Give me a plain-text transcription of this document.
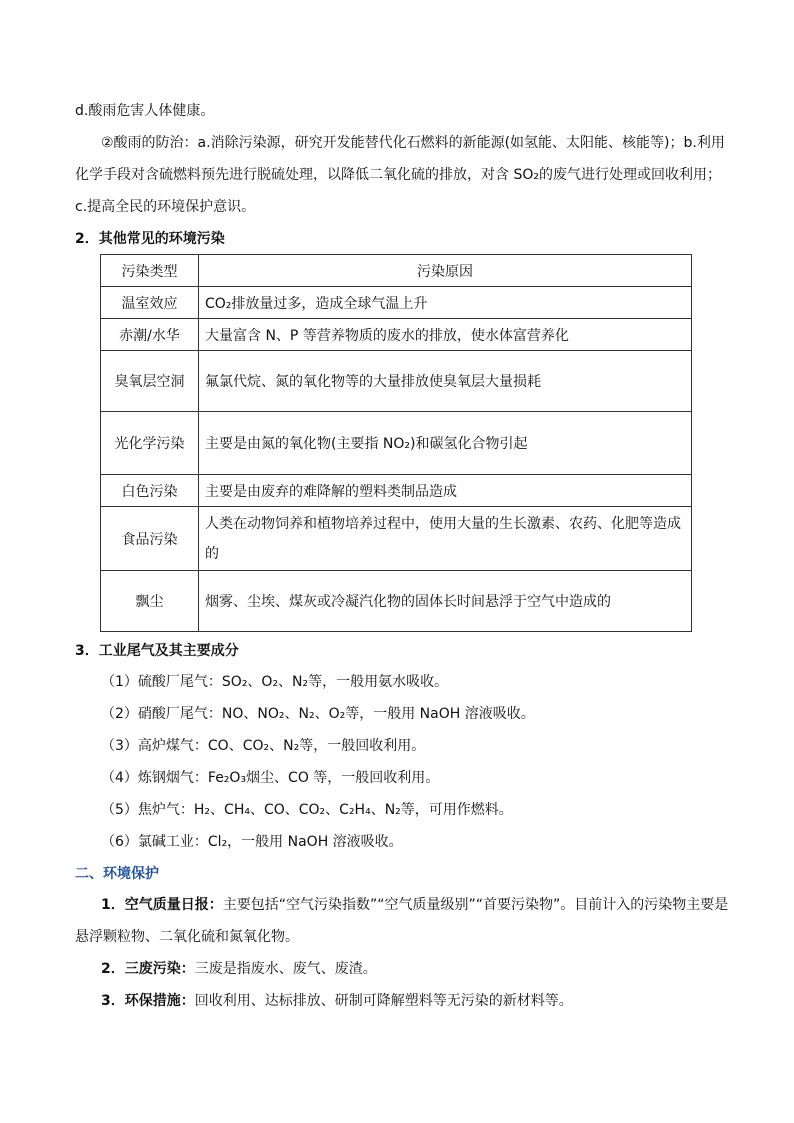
d.酸雨危害人体健康。
②酸雨的防治：a.消除污染源，研究开发能替代化石燃料的新能源(如氢能、太阳能、核能等)；b.利用
化学手段对含硫燃料预先进行脱硫处理，以降低二氧化硫的排放，对含 SO₂的废气进行处理或回收利用；
c.提高全民的环境保护意识。
2．其他常见的环境污染
污染类型	污染原因
温室效应	CO₂排放量过多，造成全球气温上升
赤潮/水华	大量富含 N、P 等营养物质的废水的排放，使水体富营养化
臭氧层空洞	氟氯代烷、氮的氧化物等的大量排放使臭氧层大量损耗
光化学污染	主要是由氮的氧化物(主要指 NO₂)和碳氢化合物引起
白色污染	主要是由废弃的难降解的塑料类制品造成
食品污染	人类在动物饲养和植物培养过程中，使用大量的生长激素、农药、化肥等造成的
飘尘	烟雾、尘埃、煤灰或冷凝汽化物的固体长时间悬浮于空气中造成的
3．工业尾气及其主要成分
（1）硫酸厂尾气：SO₂、O₂、N₂等，一般用氨水吸收。
（2）硝酸厂尾气：NO、NO₂、N₂、O₂等，一般用 NaOH 溶液吸收。
（3）高炉煤气：CO、CO₂、N₂等，一般回收利用。
（4）炼钢烟气：Fe₂O₃烟尘、CO 等，一般回收利用。
（5）焦炉气：H₂、CH₄、CO、CO₂、C₂H₄、N₂等，可用作燃料。
（6）氯碱工业：Cl₂，一般用 NaOH 溶液吸收。
二、环境保护
1．空气质量日报：主要包括“空气污染指数”“空气质量级别”“首要污染物”。目前计入的污染物主要是
悬浮颗粒物、二氧化硫和氮氧化物。
2．三废污染：三废是指废水、废气、废渣。
3．环保措施：回收利用、达标排放、研制可降解塑料等无污染的新材料等。
